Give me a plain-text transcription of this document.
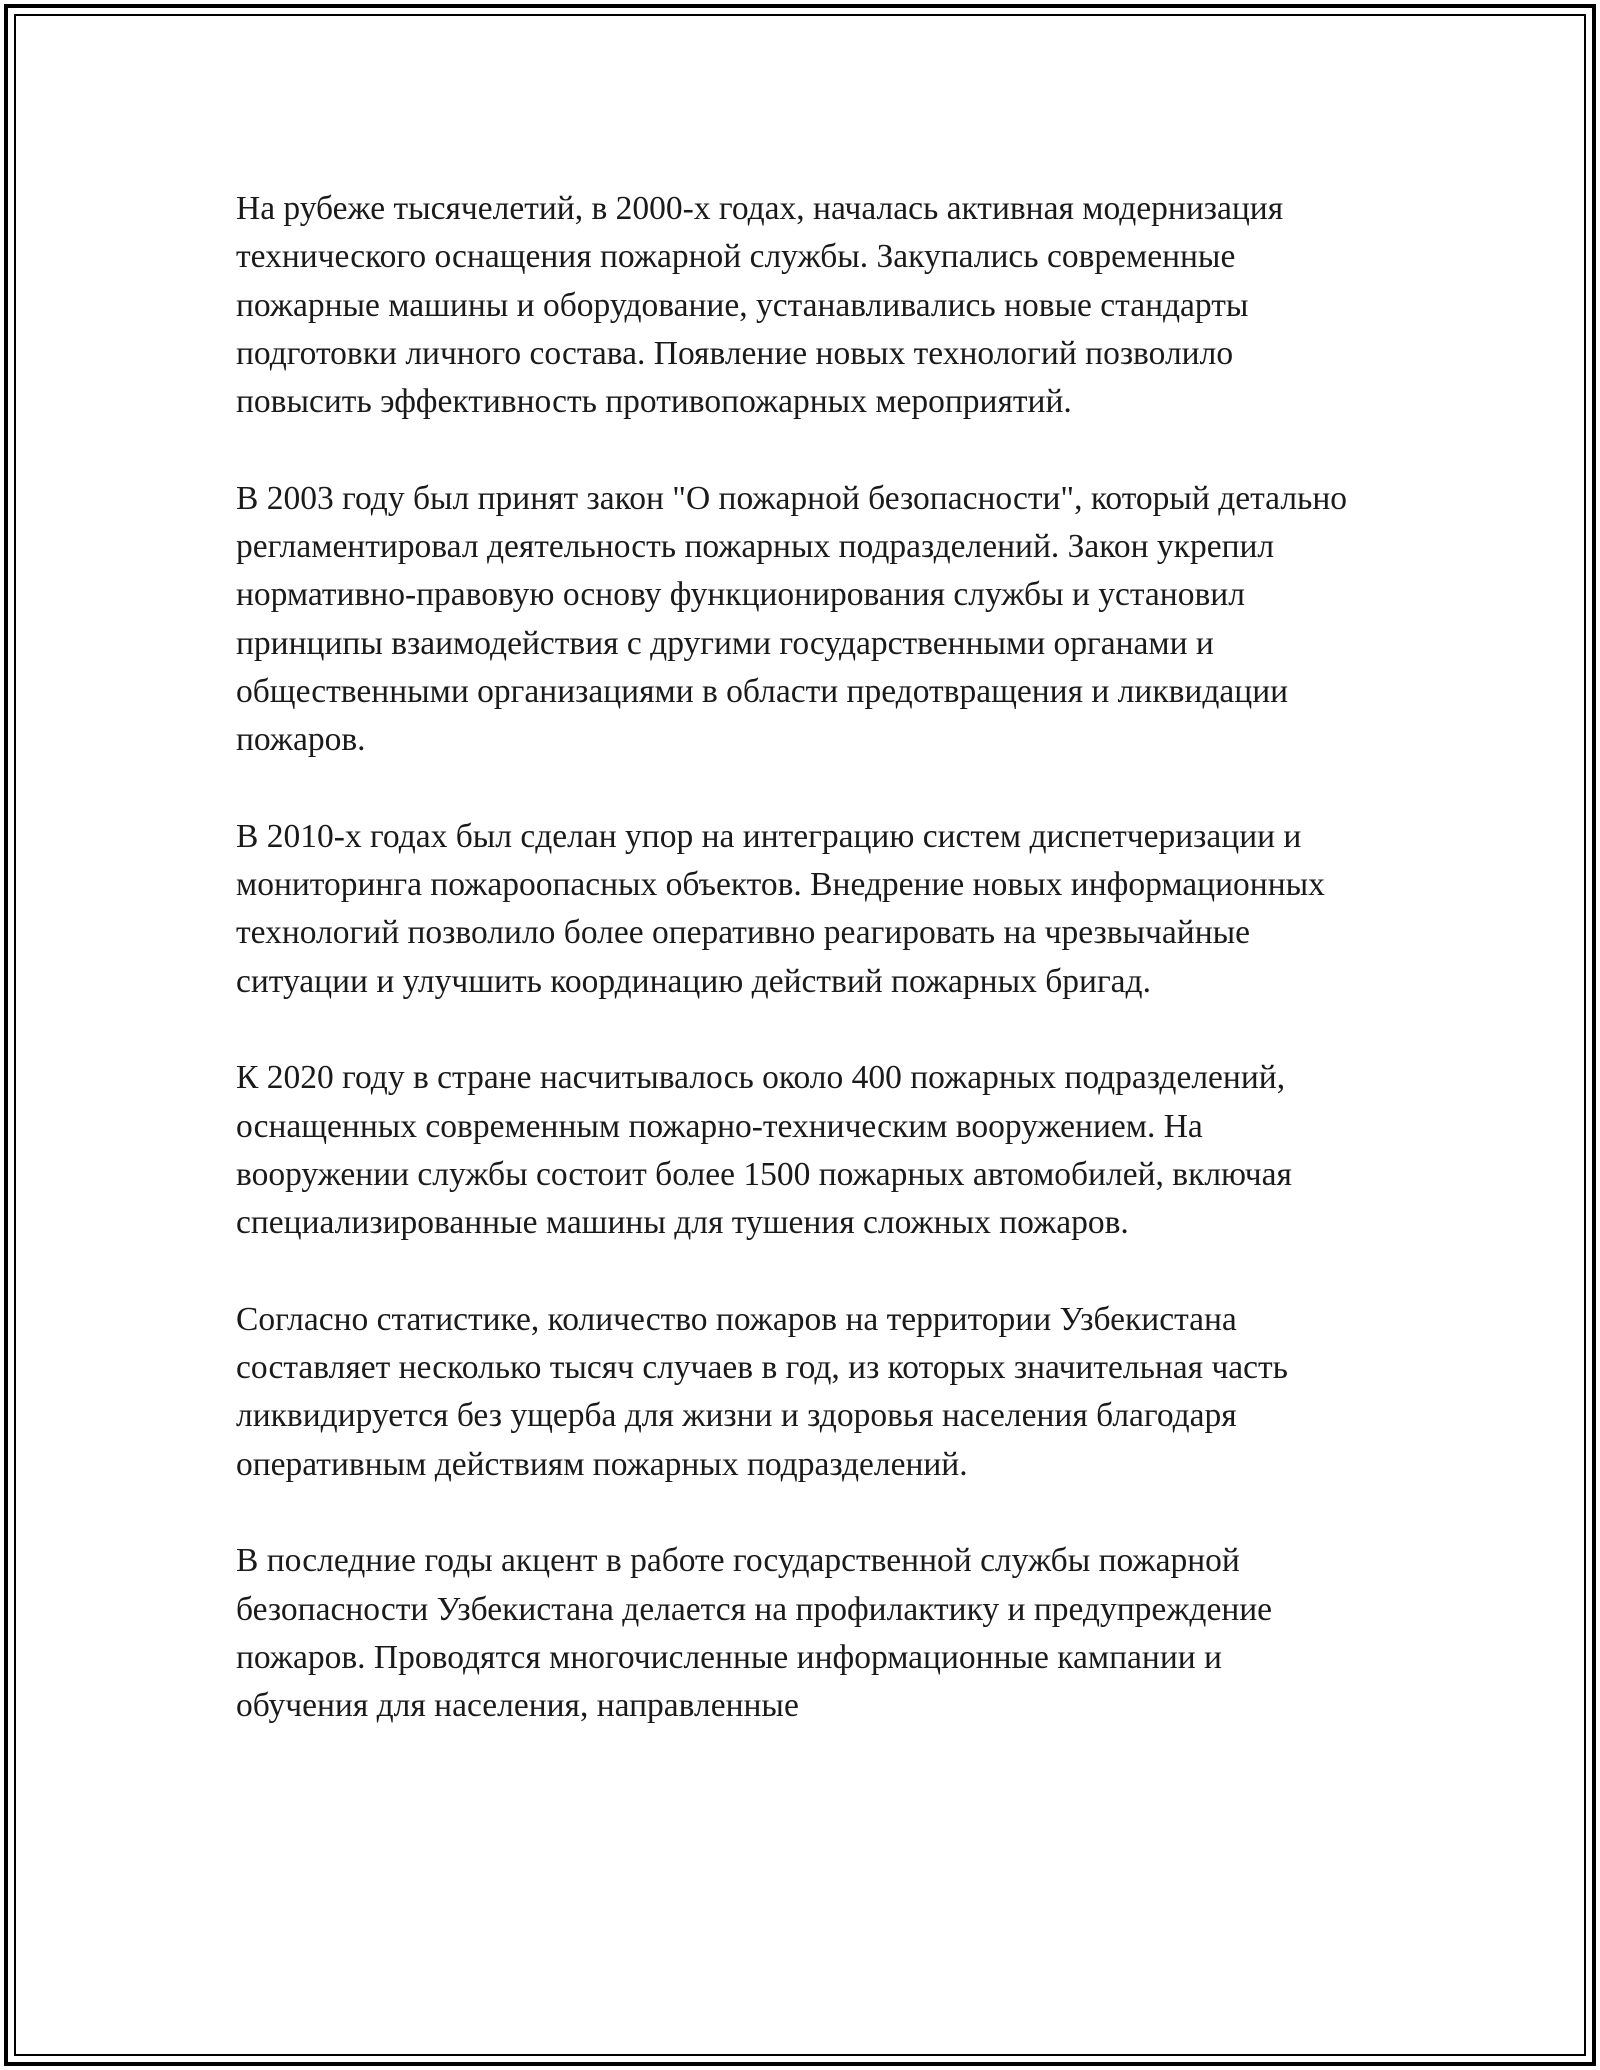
На рубеже тысячелетий, в 2000-х годах, началась активная модернизация технического оснащения пожарной службы. Закупались современные пожарные машины и оборудование, устанавливались новые стандарты подготовки личного состава. Появление новых технологий позволило повысить эффективность противопожарных мероприятий.

В 2003 году был принят закон "О пожарной безопасности", который детально регламентировал деятельность пожарных подразделений. Закон укрепил нормативно-правовую основу функционирования службы и установил принципы взаимодействия с другими государственными органами и общественными организациями в области предотвращения и ликвидации пожаров.

В 2010-х годах был сделан упор на интеграцию систем диспетчеризации и мониторинга пожароопасных объектов. Внедрение новых информационных технологий позволило более оперативно реагировать на чрезвычайные ситуации и улучшить координацию действий пожарных бригад.

К 2020 году в стране насчитывалось около 400 пожарных подразделений, оснащенных современным пожарно-техническим вооружением. На вооружении службы состоит более 1500 пожарных автомобилей, включая специализированные машины для тушения сложных пожаров.

Согласно статистике, количество пожаров на территории Узбекистана составляет несколько тысяч случаев в год, из которых значительная часть ликвидируется без ущерба для жизни и здоровья населения благодаря оперативным действиям пожарных подразделений.

В последние годы акцент в работе государственной службы пожарной безопасности Узбекистана делается на профилактику и предупреждение пожаров. Проводятся многочисленные информационные кампании и обучения для населения, направленные
